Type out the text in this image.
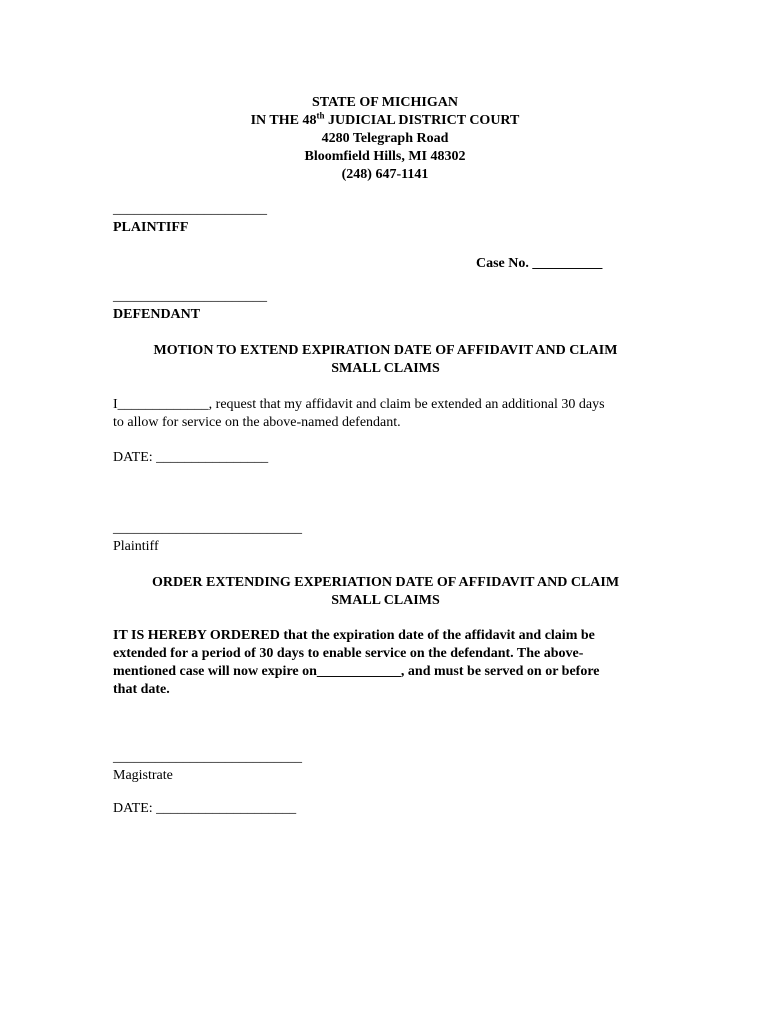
STATE OF MICHIGAN
IN THE 48th JUDICIAL DISTRICT COURT
4280 Telegraph Road
Bloomfield Hills, MI 48302
(248) 647-1141
______________________
PLAINTIFF
Case No. __________
______________________
DEFENDANT
MOTION TO EXTEND EXPIRATION DATE OF AFFIDAVIT AND CLAIM
SMALL CLAIMS
I_____________, request that my affidavit and claim be extended an additional 30 days
to allow for service on the above-named defendant.
DATE: ________________
___________________________
Plaintiff
ORDER EXTENDING EXPERIATION DATE OF AFFIDAVIT AND CLAIM
SMALL CLAIMS
IT IS HEREBY ORDERED that the expiration date of the affidavit and claim be
extended for a period of 30 days to enable service on the defendant. The above-
mentioned case will now expire on____________, and must be served on or before
that date.
___________________________
Magistrate
DATE: ____________________
